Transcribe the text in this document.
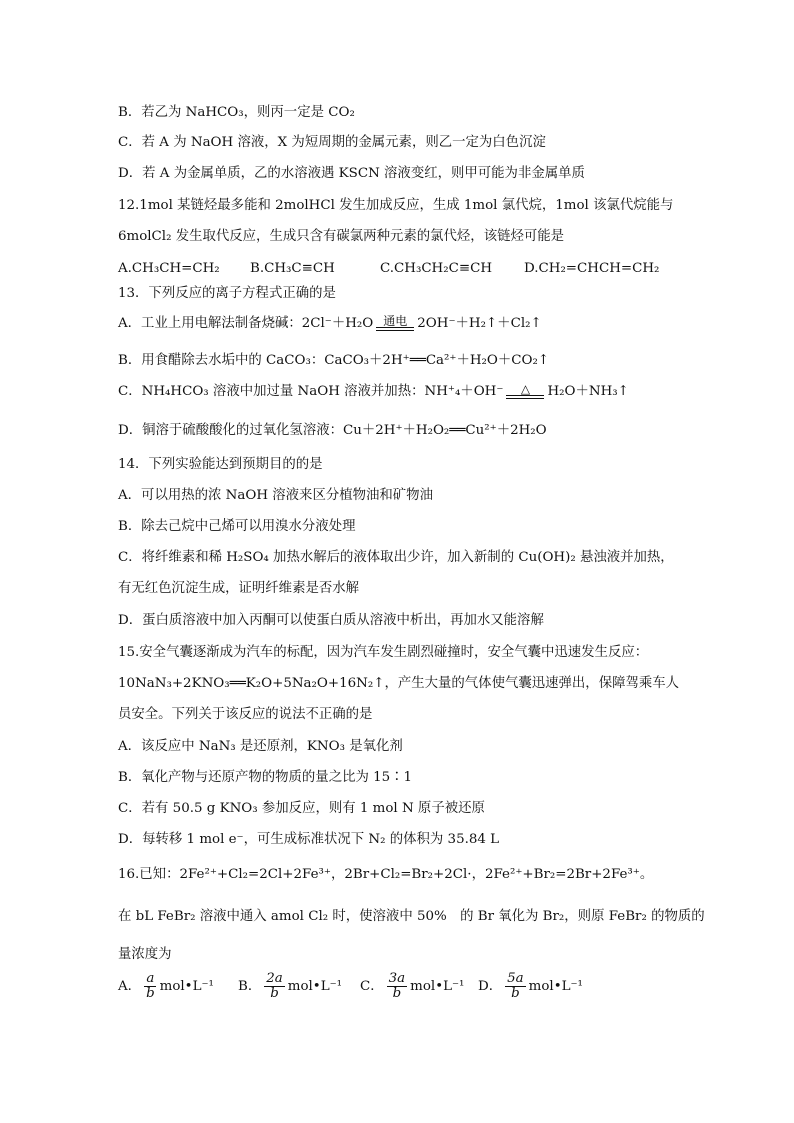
B．若乙为 NaHCO₃，则丙一定是 CO₂
C．若 A 为 NaOH 溶液，X 为短周期的金属元素，则乙一定为白色沉淀
D．若 A 为金属单质，乙的水溶液遇 KSCN 溶液变红，则甲可能为非金属单质
12.1mol 某链烃最多能和 2molHCl 发生加成反应，生成 1mol 氯代烷，1mol 该氯代烷能与
6molCl₂ 发生取代反应，生成只含有碳氯两种元素的氯代烃，该链烃可能是
A.CH₃CH=CH₂ B.CH₃C≡CH	C.CH₃CH₂C≡CH D.CH₂=CHCH=CH₂
13．下列反应的离子方程式正确的是
A．工业上用电解法制备烧碱：2Cl⁻＋H₂O 通电 2OH⁻＋H₂↑＋Cl₂↑
B．用食醋除去水垢中的 CaCO₃：CaCO₃＋2H⁺══Ca²⁺＋H₂O＋CO₂↑
C．NH₄HCO₃ 溶液中加过量 NaOH 溶液并加热：NH⁺₄＋OH⁻ △ H₂O＋NH₃↑
D．铜溶于硫酸酸化的过氧化氢溶液：Cu＋2H⁺＋H₂O₂══Cu²⁺＋2H₂O
14．下列实验能达到预期目的的是
A．可以用热的浓 NaOH 溶液来区分植物油和矿物油
B．除去己烷中己烯可以用溴水分液处理
C．将纤维素和稀 H₂SO₄ 加热水解后的液体取出少许，加入新制的 Cu(OH)₂ 悬浊液并加热，
有无红色沉淀生成，证明纤维素是否水解
D．蛋白质溶液中加入丙酮可以使蛋白质从溶液中析出，再加水又能溶解
15.安全气囊逐渐成为汽车的标配，因为汽车发生剧烈碰撞时，安全气囊中迅速发生反应：
10NaN₃+2KNO₃══K₂O+5Na₂O+16N₂↑，产生大量的气体使气囊迅速弹出，保障驾乘车人
员安全。下列关于该反应的说法不正确的是
A．该反应中 NaN₃ 是还原剂，KNO₃ 是氧化剂
B．氧化产物与还原产物的物质的量之比为 15∶1
C．若有 50.5 g KNO₃ 参加反应，则有 1 mol N 原子被还原
D．每转移 1 mol e⁻，可生成标准状况下 N₂ 的体积为 35.84 L
16.已知：2Fe²⁺+Cl₂=2Cl+2Fe³⁺，2Br+Cl₂=Br₂+2Cl·，2Fe²⁺+Br₂=2Br+2Fe³⁺。
在 bL FeBr₂ 溶液中通入 amol Cl₂ 时，使溶液中 50%　的 Br 氧化为 Br₂，则原 FeBr₂ 的物质的
量浓度为
A． $\frac{a}{b}$ mol•L⁻¹ B． $\frac{2a}{b}$ mol•L⁻¹ C． $\frac{3a}{b}$ mol•L⁻¹ D． $\frac{5a}{b}$ mol•L⁻¹
